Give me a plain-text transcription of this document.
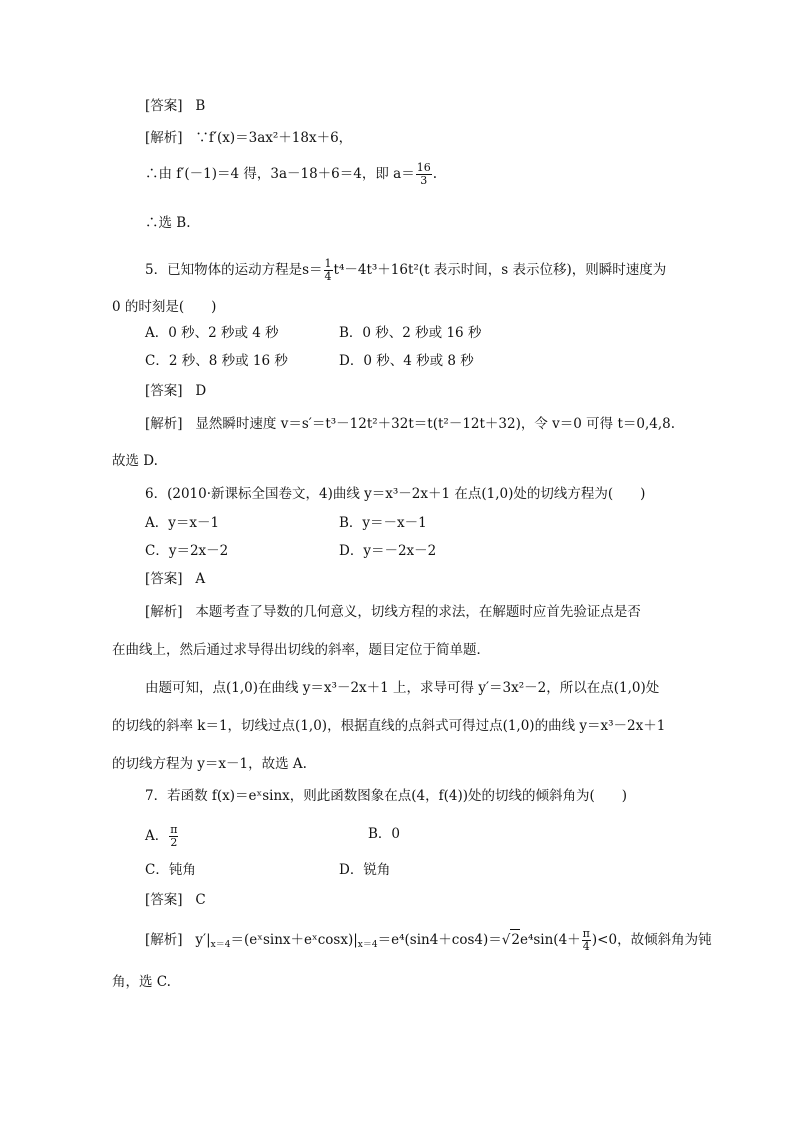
[答案] B
[解析] ∵f′(x)＝3ax²＋18x＋6，
∴由 f′(－1)＝4 得，3a－18＋6＝4，即 $a= \frac{16}{3}$ .
∴选 B.
5．已知物体的运动方程是$s= \frac{1}{4} t^4-4t^3+16t^2(t$ 表示时间，s 表示位移)，则瞬时速度为
0 的时刻是(　　)
A．0 秒、2 秒或 4 秒	B．0 秒、2 秒或 16 秒
C．2 秒、8 秒或 16 秒	D．0 秒、4 秒或 8 秒
[答案] D
[解析] 显然瞬时速度 v＝s′＝t³－12t²＋32t＝t(t²－12t＋32)，令 v＝0 可得 t＝0,4,8.
故选 D.
6．(2010·新课标全国卷文，4)曲线 y＝x³－2x＋1 在点(1,0)处的切线方程为(　　)
A．y＝x－1	B．y＝－x－1
C．y＝2x－2	D．y＝－2x－2
[答案] A
[解析] 本题考查了导数的几何意义，切线方程的求法，在解题时应首先验证点是否
在曲线上，然后通过求导得出切线的斜率，题目定位于简单题．
由题可知，点(1,0)在曲线 y＝x³－2x＋1 上，求导可得 y′＝3x²－2，所以在点(1,0)处
的切线的斜率 k＝1，切线过点(1,0)，根据直线的点斜式可得过点(1,0)的曲线 y＝x³－2x＋1
的切线方程为 y＝x－1，故选 A.
7．若函数 f(x)＝eˣsinx，则此函数图象在点(4，f(4))处的切线的倾斜角为(　　)
A． $\frac{\pi}{2}$	B．0
C．钝角	D．锐角
[答案] C
[解析] $y'|_{x=4}=(eˣ\sin x+eˣ\cos x)|_{x=4}=e^4(\sin 4+\cos 4)=√2e^4\sin(4+ \frac{\pi}{4} )<0$，故倾斜角为钝
角，选 C.
